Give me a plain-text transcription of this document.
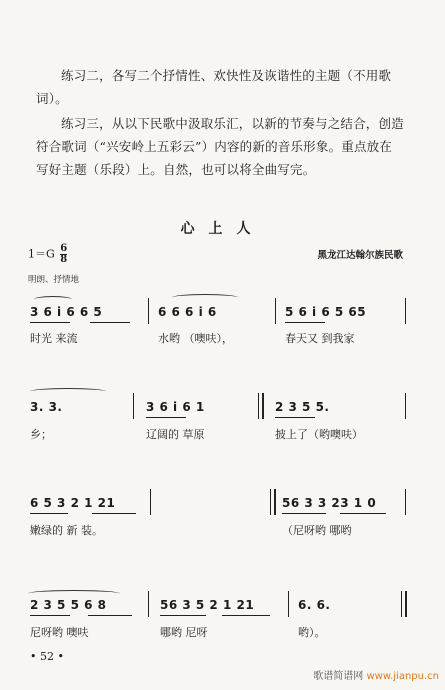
练习二，各写二个抒情性、欢快性及诙谐性的主题（不用歌词）。
练习三，从以下民歌中汲取乐汇，以新的节奏与之结合，创造符合歌词（“兴安岭上五彩云”）内容的新的音乐形象。重点放在写好主题（乐段）上。自然，也可以将全曲写完。
心上人
$1=G \frac{6}{8}$	黑龙江达翰尔族民歌
明朗、抒情地
3 6 i 6 6 5	6 6 6 i 6	5 6 i 6 5 65
时光 来流	水哟 （噢呋），	春天又 到我家
3. 3.	3 6 i 6 1	2 3 5 5.
乡；	辽阔的 草原	披上了（哟噢呋）
6 5 3 2 1 21	56 3 3 23 1 0
嫩绿的 新 装。	（尼呀哟 哪哟
2 3 5 5 6 8	56 3 5 2 1 21	6. 6.
尼呀哟 噢呋	哪哟 尼呀	哟）。
• 52 •
歌谱简谱网 www.jianpu.cn
